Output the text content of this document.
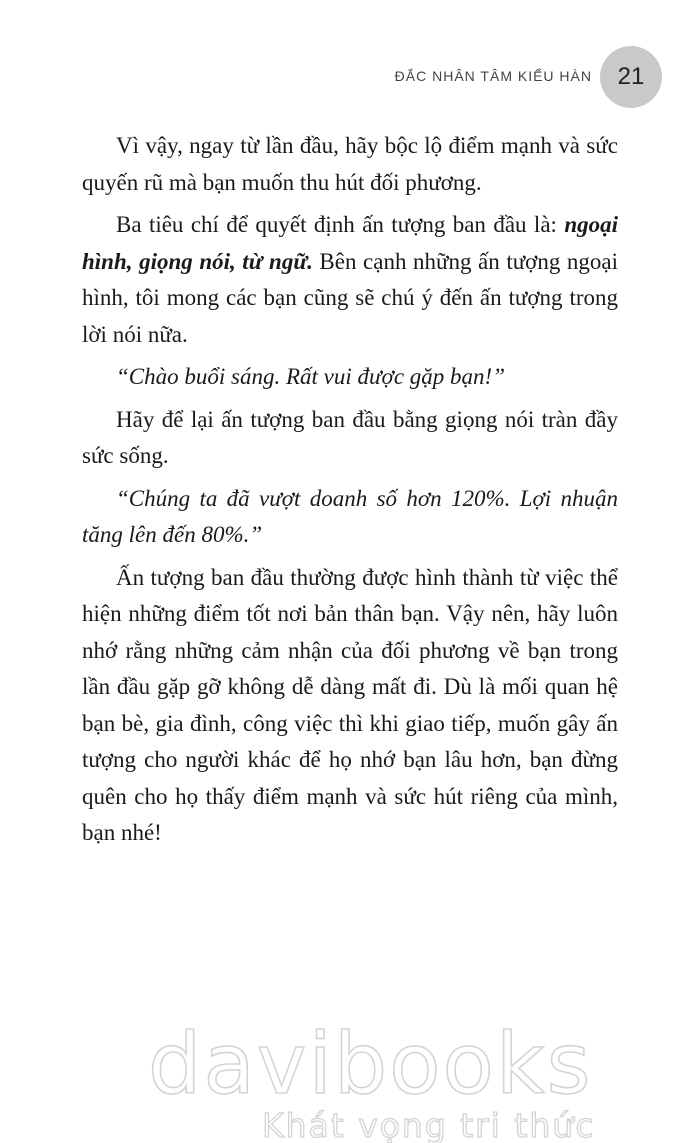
ĐẮC NHÂN TÂM KIỂU HÀN	21

Vì vậy, ngay từ lần đầu, hãy bộc lộ điểm mạnh và sức quyến rũ mà bạn muốn thu hút đối phương.

Ba tiêu chí để quyết định ấn tượng ban đầu là: ngoại hình, giọng nói, từ ngữ. Bên cạnh những ấn tượng ngoại hình, tôi mong các bạn cũng sẽ chú ý đến ấn tượng trong lời nói nữa.

“Chào buổi sáng. Rất vui được gặp bạn!”

Hãy để lại ấn tượng ban đầu bằng giọng nói tràn đầy sức sống.

“Chúng ta đã vượt doanh số hơn 120%. Lợi nhuận tăng lên đến 80%.”

Ấn tượng ban đầu thường được hình thành từ việc thể hiện những điểm tốt nơi bản thân bạn. Vậy nên, hãy luôn nhớ rằng những cảm nhận của đối phương về bạn trong lần đầu gặp gỡ không dễ dàng mất đi. Dù là mối quan hệ bạn bè, gia đình, công việc thì khi giao tiếp, muốn gây ấn tượng cho người khác để họ nhớ bạn lâu hơn, bạn đừng quên cho họ thấy điểm mạnh và sức hút riêng của mình, bạn nhé!

davibooks
Khát vọng tri thức
